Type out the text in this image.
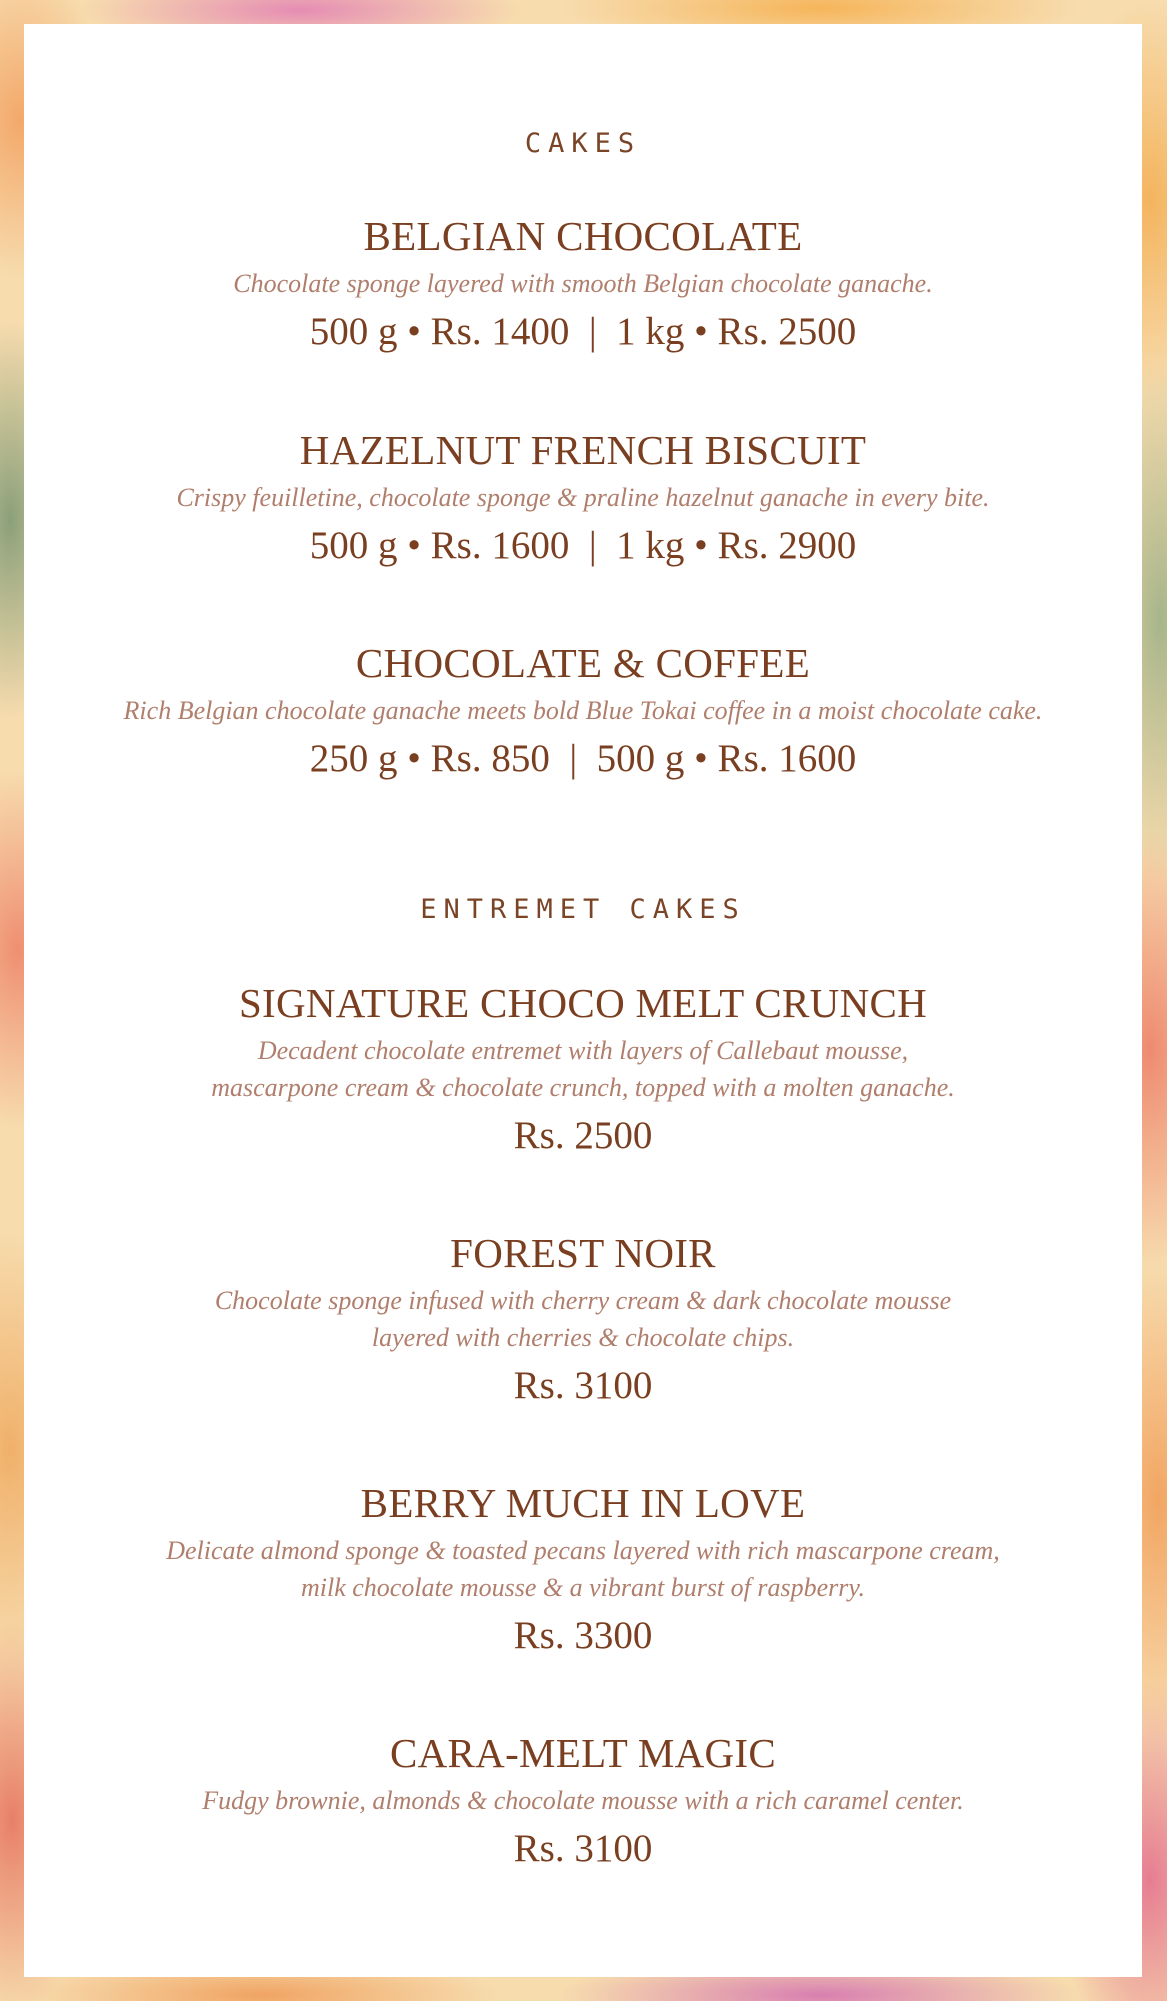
CAKES
BELGIAN CHOCOLATE
Chocolate sponge layered with smooth Belgian chocolate ganache.
500 g • Rs. 1400  |  1 kg • Rs. 2500
HAZELNUT FRENCH BISCUIT
Crispy feuilletine, chocolate sponge & praline hazelnut ganache in every bite.
500 g • Rs. 1600  |  1 kg • Rs. 2900
CHOCOLATE & COFFEE
Rich Belgian chocolate ganache meets bold Blue Tokai coffee in a moist chocolate cake.
250 g • Rs. 850  |  500 g • Rs. 1600
ENTREMET CAKES
SIGNATURE CHOCO MELT CRUNCH
Decadent chocolate entremet with layers of Callebaut mousse,
mascarpone cream & chocolate crunch, topped with a molten ganache.
Rs. 2500
FOREST NOIR
Chocolate sponge infused with cherry cream & dark chocolate mousse
layered with cherries & chocolate chips.
Rs. 3100
BERRY MUCH IN LOVE
Delicate almond sponge & toasted pecans layered with rich mascarpone cream,
milk chocolate mousse & a vibrant burst of raspberry.
Rs. 3300
CARA-MELT MAGIC
Fudgy brownie, almonds & chocolate mousse with a rich caramel center.
Rs. 3100
